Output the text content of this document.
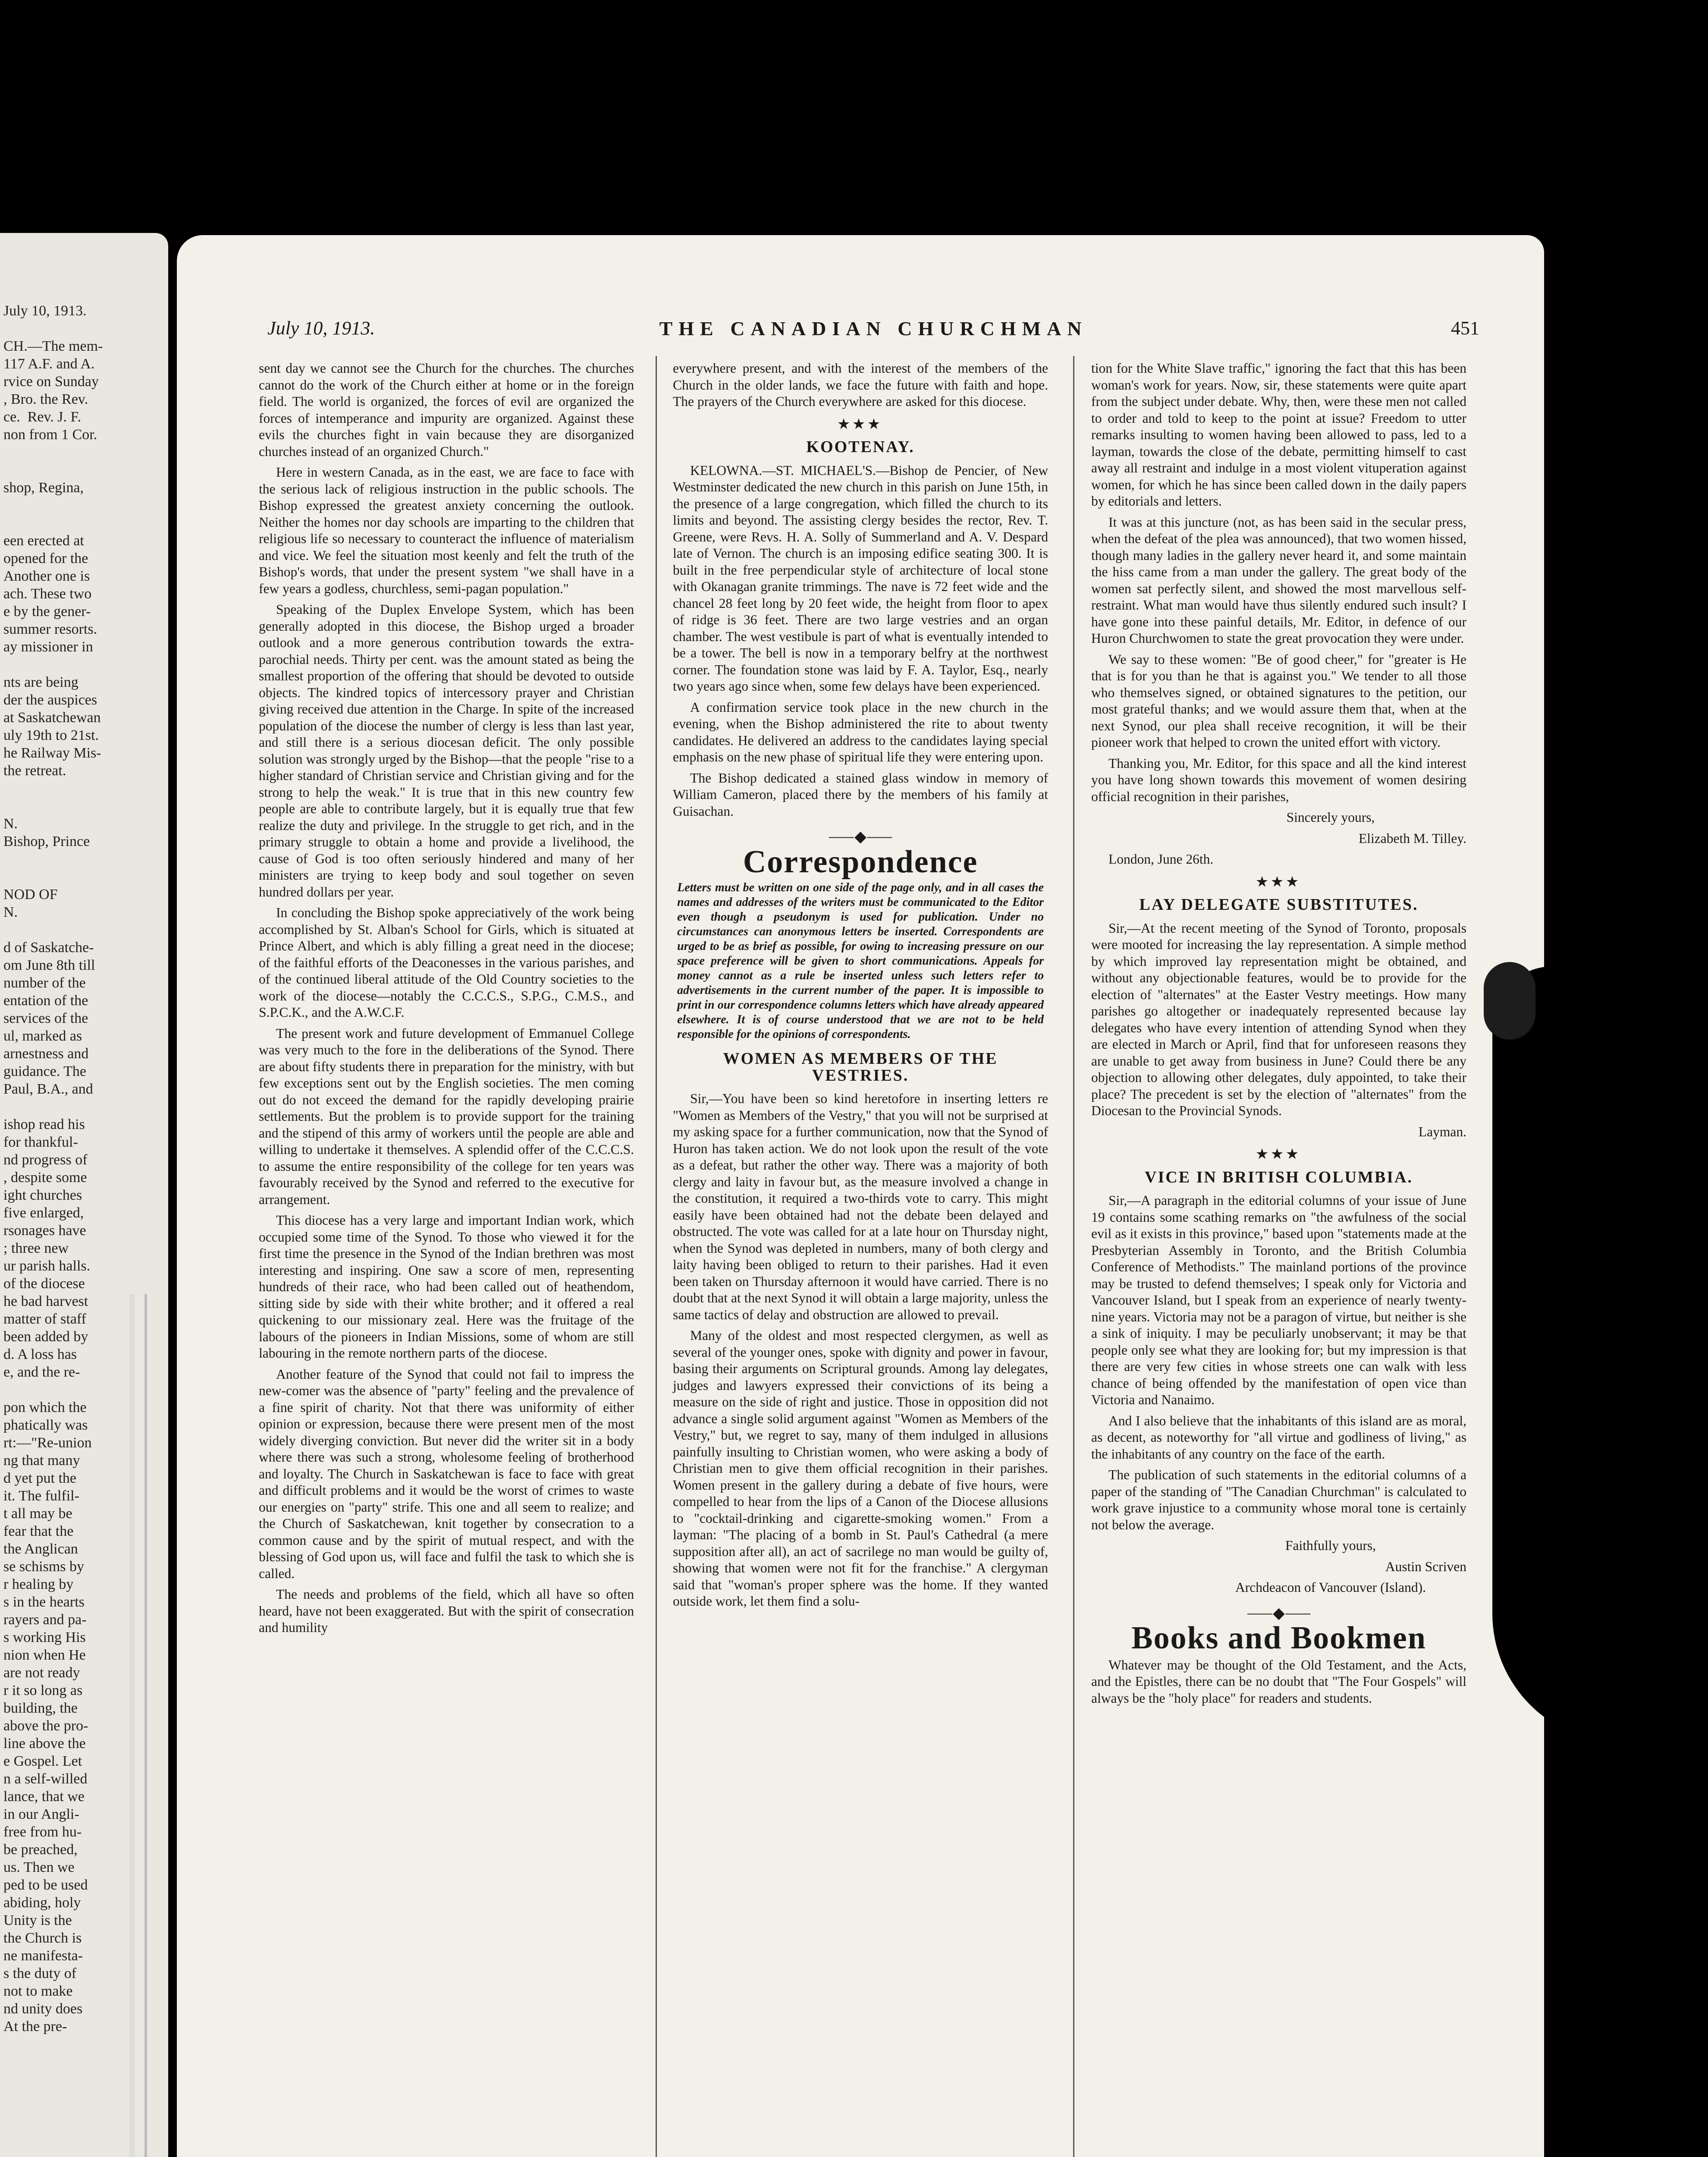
July 10, 1913.

CH.—The mem-
117 A.F. and A.
rvice on Sunday
, Bro. the Rev.
ce.  Rev. J. F.
non from 1 Cor.

shop, Regina,

een erected at
opened for the
Another one is
ach. These two
e by the gener-
summer resorts.
ay missioner in

nts are being
der the auspices
at Saskatchewan
uly 19th to 21st.
he Railway Mis-
the retreat.

N.
Bishop, Prince

NOD OF
N.

d of Saskatche-
om June 8th till
number of the
entation of the
services of the
ul, marked as
arnestness and
guidance. The
Paul, B.A., and

ishop read his
for thankful-
nd progress of
, despite some
ight churches
five enlarged,
rsonages have
; three new
ur parish halls.
of the diocese
he bad harvest
matter of staff
been added by
d. A loss has
e, and the re-

pon which the
phatically was
rt:—"Re-union
ng that many
d yet put the
it. The fulfil-
t all may be
fear that the
the Anglican
se schisms by
r healing by
s in the hearts
rayers and pa-
s working His
nion when He
are not ready
r it so long as
building, the
above the pro-
line above the
e Gospel. Let
n a self-willed
lance, that we
in our Angli-
free from hu-
be preached,
us. Then we
ped to be used
abiding, holy
Unity is the
the Church is
ne manifesta-
s the duty of
not to make
nd unity does
At the pre-
July 10, 1913.	THE CANADIAN CHURCHMAN	451

sent day we cannot see the Church for the churches. The churches cannot do the work of the Church either at home or in the foreign field. The world is organized, the forces of evil are organized the forces of intemperance and impurity are organized. Against these evils the churches fight in vain because they are disorganized churches instead of an organized Church."

Here in western Canada, as in the east, we are face to face with the serious lack of religious instruction in the public schools. The Bishop expressed the greatest anxiety concerning the outlook. Neither the homes nor day schools are imparting to the children that religious life so necessary to counteract the influence of materialism and vice. We feel the situation most keenly and felt the truth of the Bishop's words, that under the present system "we shall have in a few years a godless, churchless, semi-pagan population."

Speaking of the Duplex Envelope System, which has been generally adopted in this diocese, the Bishop urged a broader outlook and a more generous contribution towards the extra-parochial needs. Thirty per cent. was the amount stated as being the smallest proportion of the offering that should be devoted to outside objects. The kindred topics of intercessory prayer and Christian giving received due attention in the Charge. In spite of the increased population of the diocese the number of clergy is less than last year, and still there is a serious diocesan deficit. The only possible solution was strongly urged by the Bishop—that the people "rise to a higher standard of Christian service and Christian giving and for the strong to help the weak." It is true that in this new country few people are able to contribute largely, but it is equally true that few realize the duty and privilege. In the struggle to get rich, and in the primary struggle to obtain a home and provide a livelihood, the cause of God is too often seriously hindered and many of her ministers are trying to keep body and soul together on seven hundred dollars per year.

In concluding the Bishop spoke appreciatively of the work being accomplished by St. Alban's School for Girls, which is situated at Prince Albert, and which is ably filling a great need in the diocese; of the faithful efforts of the Deaconesses in the various parishes, and of the continued liberal attitude of the Old Country societies to the work of the diocese—notably the C.C.C.S., S.P.G., C.M.S., and S.P.C.K., and the A.W.C.F.

The present work and future development of Emmanuel College was very much to the fore in the deliberations of the Synod. There are about fifty students there in preparation for the ministry, with but few exceptions sent out by the English societies. The men coming out do not exceed the demand for the rapidly developing prairie settlements. But the problem is to provide support for the training and the stipend of this army of workers until the people are able and willing to undertake it themselves. A splendid offer of the C.C.C.S. to assume the entire responsibility of the college for ten years was favourably received by the Synod and referred to the executive for arrangement.

This diocese has a very large and important Indian work, which occupied some time of the Synod. To those who viewed it for the first time the presence in the Synod of the Indian brethren was most interesting and inspiring. One saw a score of men, representing hundreds of their race, who had been called out of heathendom, sitting side by side with their white brother; and it offered a real quickening to our missionary zeal. Here was the fruitage of the labours of the pioneers in Indian Missions, some of whom are still labouring in the remote northern parts of the diocese.

Another feature of the Synod that could not fail to impress the new-comer was the absence of "party" feeling and the prevalence of a fine spirit of charity. Not that there was uniformity of either opinion or expression, because there were present men of the most widely diverging conviction. But never did the writer sit in a body where there was such a strong, wholesome feeling of brotherhood and loyalty. The Church in Saskatchewan is face to face with great and difficult problems and it would be the worst of crimes to waste our energies on "party" strife. This one and all seem to realize; and the Church of Saskatchewan, knit together by consecration to a common cause and by the spirit of mutual respect, and with the blessing of God upon us, will face and fulfil the task to which she is called.

The needs and problems of the field, which all have so often heard, have not been exaggerated. But with the spirit of consecration and humility

everywhere present, and with the interest of the members of the Church in the older lands, we face the future with faith and hope. The prayers of the Church everywhere are asked for this diocese.

★★★
KOOTENAY.

KELOWNA.—ST. MICHAEL'S.—Bishop de Pencier, of New Westminster dedicated the new church in this parish on June 15th, in the presence of a large congregation, which filled the church to its limits and beyond. The assisting clergy besides the rector, Rev. T. Greene, were Revs. H. A. Solly of Summerland and A. V. Despard late of Vernon. The church is an imposing edifice seating 300. It is built in the free perpendicular style of architecture of local stone with Okanagan granite trimmings. The nave is 72 feet wide and the chancel 28 feet long by 20 feet wide, the height from floor to apex of ridge is 36 feet. There are two large vestries and an organ chamber. The west vestibule is part of what is eventually intended to be a tower. The bell is now in a temporary belfry at the northwest corner. The foundation stone was laid by F. A. Taylor, Esq., nearly two years ago since when, some few delays have been experienced.

A confirmation service took place in the new church in the evening, when the Bishop administered the rite to about twenty candidates. He delivered an address to the candidates laying special emphasis on the new phase of spiritual life they were entering upon.

The Bishop dedicated a stained glass window in memory of William Cameron, placed there by the members of his family at Guisachan.

⸺◆⸺
Correspondence
Letters must be written on one side of the page only, and in all cases the names and addresses of the writers must be communicated to the Editor even though a pseudonym is used for publication. Under no circumstances can anonymous letters be inserted. Correspondents are urged to be as brief as possible, for owing to increasing pressure on our space preference will be given to short communications. Appeals for money cannot as a rule be inserted unless such letters refer to advertisements in the current number of the paper. It is impossible to print in our correspondence columns letters which have already appeared elsewhere. It is of course understood that we are not to be held responsible for the opinions of correspondents.
WOMEN AS MEMBERS OF THE VESTRIES.

Sir,—You have been so kind heretofore in inserting letters re "Women as Members of the Vestry," that you will not be surprised at my asking space for a further communication, now that the Synod of Huron has taken action. We do not look upon the result of the vote as a defeat, but rather the other way. There was a majority of both clergy and laity in favour but, as the measure involved a change in the constitution, it required a two-thirds vote to carry. This might easily have been obtained had not the debate been delayed and obstructed. The vote was called for at a late hour on Thursday night, when the Synod was depleted in numbers, many of both clergy and laity having been obliged to return to their parishes. Had it even been taken on Thursday afternoon it would have carried. There is no doubt that at the next Synod it will obtain a large majority, unless the same tactics of delay and obstruction are allowed to prevail.

Many of the oldest and most respected clergymen, as well as several of the younger ones, spoke with dignity and power in favour, basing their arguments on Scriptural grounds. Among lay delegates, judges and lawyers expressed their convictions of its being a measure on the side of right and justice. Those in opposition did not advance a single solid argument against "Women as Members of the Vestry," but, we regret to say, many of them indulged in allusions painfully insulting to Christian women, who were asking a body of Christian men to give them official recognition in their parishes. Women present in the gallery during a debate of five hours, were compelled to hear from the lips of a Canon of the Diocese allusions to "cocktail-drinking and cigarette-smoking women." From a layman: "The placing of a bomb in St. Paul's Cathedral (a mere supposition after all), an act of sacrilege no man would be guilty of, showing that women were not fit for the franchise." A clergyman said that "woman's proper sphere was the home. If they wanted outside work, let them find a solu-

tion for the White Slave traffic," ignoring the fact that this has been woman's work for years. Now, sir, these statements were quite apart from the subject under debate. Why, then, were these men not called to order and told to keep to the point at issue? Freedom to utter remarks insulting to women having been allowed to pass, led to a layman, towards the close of the debate, permitting himself to cast away all restraint and indulge in a most violent vituperation against women, for which he has since been called down in the daily papers by editorials and letters.

It was at this juncture (not, as has been said in the secular press, when the defeat of the plea was announced), that two women hissed, though many ladies in the gallery never heard it, and some maintain the hiss came from a man under the gallery. The great body of the women sat perfectly silent, and showed the most marvellous self-restraint. What man would have thus silently endured such insult? I have gone into these painful details, Mr. Editor, in defence of our Huron Churchwomen to state the great provocation they were under.

We say to these women: "Be of good cheer," for "greater is He that is for you than he that is against you." We tender to all those who themselves signed, or obtained signatures to the petition, our most grateful thanks; and we would assure them that, when at the next Synod, our plea shall receive recognition, it will be their pioneer work that helped to crown the united effort with victory.

Thanking you, Mr. Editor, for this space and all the kind interest you have long shown towards this movement of women desiring official recognition in their parishes,

Sincerely yours,

Elizabeth M. Tilley.

London, June 26th.

★★★
LAY DELEGATE SUBSTITUTES.

Sir,—At the recent meeting of the Synod of Toronto, proposals were mooted for increasing the lay representation. A simple method by which improved lay representation might be obtained, and without any objectionable features, would be to provide for the election of "alternates" at the Easter Vestry meetings. How many parishes go altogether or inadequately represented because lay delegates who have every intention of attending Synod when they are elected in March or April, find that for unforeseen reasons they are unable to get away from business in June? Could there be any objection to allowing other delegates, duly appointed, to take their place? The precedent is set by the election of "alternates" from the Diocesan to the Provincial Synods.

Layman.

★★★
VICE IN BRITISH COLUMBIA.

Sir,—A paragraph in the editorial columns of your issue of June 19 contains some scathing remarks on "the awfulness of the social evil as it exists in this province," based upon "statements made at the Presbyterian Assembly in Toronto, and the British Columbia Conference of Methodists." The mainland portions of the province may be trusted to defend themselves; I speak only for Victoria and Vancouver Island, but I speak from an experience of nearly twenty-nine years. Victoria may not be a paragon of virtue, but neither is she a sink of iniquity. I may be peculiarly unobservant; it may be that people only see what they are looking for; but my impression is that there are very few cities in whose streets one can walk with less chance of being offended by the manifestation of open vice than Victoria and Nanaimo.

And I also believe that the inhabitants of this island are as moral, as decent, as noteworthy for "all virtue and godliness of living," as the inhabitants of any country on the face of the earth.

The publication of such statements in the editorial columns of a paper of the standing of "The Canadian Churchman" is calculated to work grave injustice to a community whose moral tone is certainly not below the average.

Faithfully yours,

Austin Scriven

Archdeacon of Vancouver (Island).

⸺◆⸺
Books and Bookmen

Whatever may be thought of the Old Testament, and the Acts, and the Epistles, there can be no doubt that "The Four Gospels" will always be the "holy place" for readers and students.
